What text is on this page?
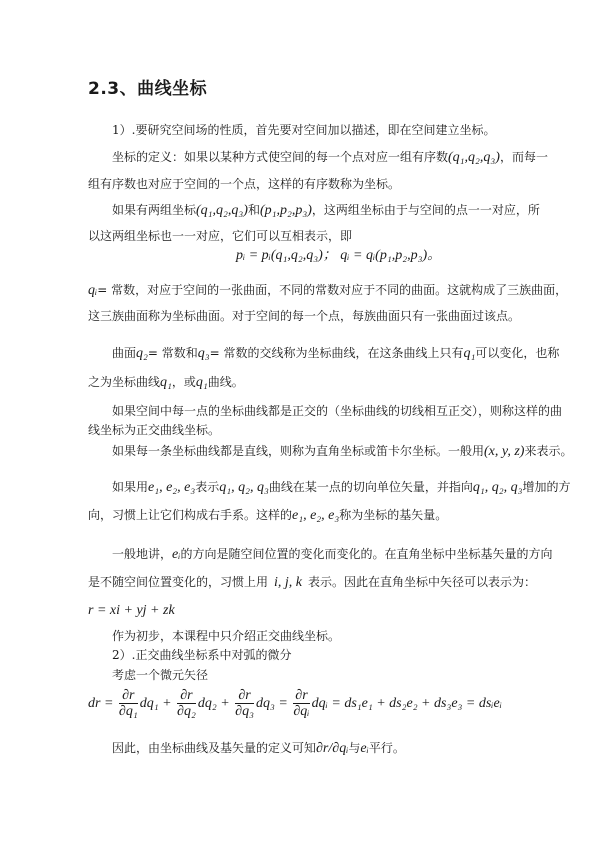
2.3、曲线坐标
1）.要研究空间场的性质，首先要对空间加以描述，即在空间建立坐标。
坐标的定义：如果以某种方式使空间的每一个点对应一组有序数(q₁,q₂,q₃)，而每一
组有序数也对应于空间的一个点，这样的有序数称为坐标。
如果有两组坐标(q₁,q₂,q₃)和(p₁,p₂,p₃)，这两组坐标由于与空间的点一一对应，所
以这两组坐标也一一对应，它们可以互相表示，即
pᵢ = pᵢ(q₁,q₂,q₃)； qᵢ = qᵢ(p₁,p₂,p₃)。
qᵢ= 常数，对应于空间的一张曲面，不同的常数对应于不同的曲面。这就构成了三族曲面，
这三族曲面称为坐标曲面。对于空间的每一个点，每族曲面只有一张曲面过该点。
曲面q₂= 常数和q₃= 常数的交线称为坐标曲线，在这条曲线上只有q₁可以变化，也称
之为坐标曲线q₁，或q₁曲线。
如果空间中每一点的坐标曲线都是正交的（坐标曲线的切线相互正交），则称这样的曲
线坐标为正交曲线坐标。
如果每一条坐标曲线都是直线，则称为直角坐标或笛卡尔坐标。一般用(x, y, z)来表示。
如果用e₁, e₂, e₃表示q₁, q₂, q₃曲线在某一点的切向单位矢量，并指向q₁, q₂, q₃增加的方
向，习惯上让它们构成右手系。这样的e₁, e₂, e₃称为坐标的基矢量。
一般地讲，eᵢ的方向是随空间位置的变化而变化的。在直角坐标中坐标基矢量的方向
是不随空间位置变化的，习惯上用 i, j, k 表示。因此在直角坐标中矢径可以表示为：
r = xi + yj + zk
作为初步，本课程中只介绍正交曲线坐标。
2）.正交曲线坐标系中对弧的微分
考虑一个微元矢径
dr = $\frac{\partial r}{\text{∂q₁}} dq_1 + \frac{\partial r}{\text{∂q₂}} dq_2 + \frac{\partial r}{\text{∂q₃}} dq_3 = \frac{\partial r}{\text{∂qᵢ}}$ dqᵢ = ds₁e₁ + ds₂e₂ + ds₃e₃ = dsᵢeᵢ
因此，由坐标曲线及基矢量的定义可知∂r/∂qᵢ与eᵢ平行。
